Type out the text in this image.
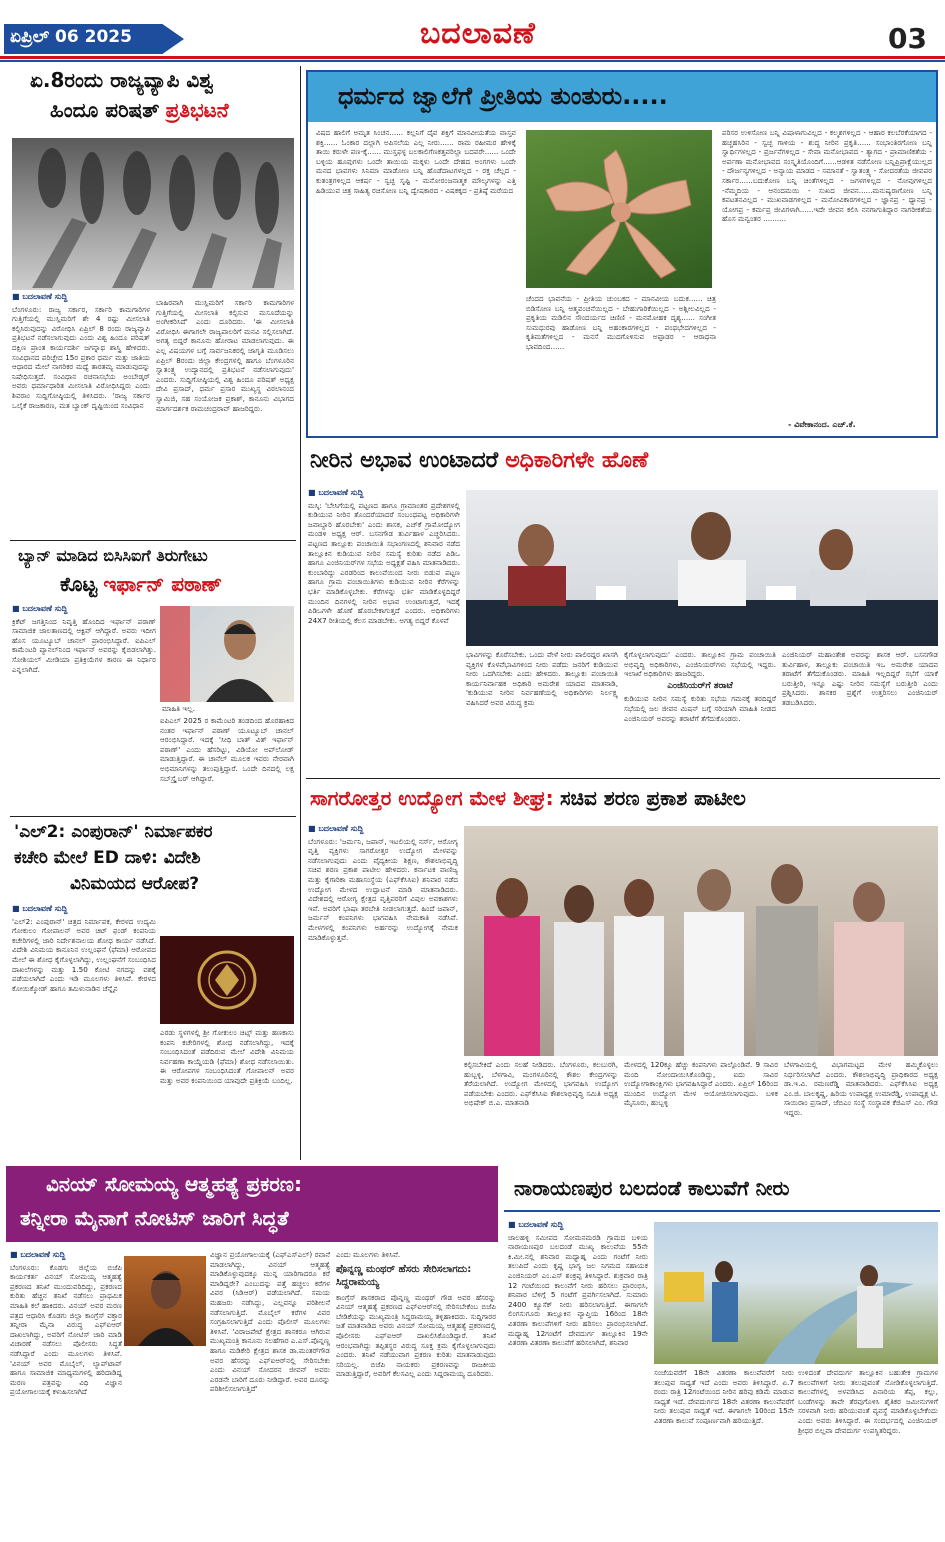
ಏಪ್ರಿಲ್ 06 2025	ಬದಲಾವಣೆ	03
ಏ.8ರಂದು ರಾಜ್ಯವ್ಯಾಪಿ ವಿಶ್ವ
ಹಿಂದೂ ಪರಿಷತ್ ಪ್ರತಿಭಟನೆ
■ ಬದಲಾವಣೆ ಸುದ್ದಿ

ಬೆಂಗಳೂರು: ರಾಜ್ಯ ಸರ್ಕಾರ, ಸರ್ಕಾರಿ ಕಾಮಗಾರಿಗಳ ಗುತ್ತಿಗೆಯಲ್ಲಿ ಮುಸ್ಲಿಮರಿಗೆ ಶೇ 4 ರಷ್ಟು ಮೀಸಲಾತಿ ಕಲ್ಪಿಸಿರುವುದನ್ನು ವಿರೋಧಿಸಿ ಏಪ್ರಿಲ್ 8 ರಂದು ರಾಜ್ಯವ್ಯಾಪಿ ಪ್ರತಿಭಟನೆ ನಡೆಸಲಾಗುವುದು ಎಂದು ವಿಶ್ವ ಹಿಂದೂ ಪರಿಷತ್ ದಕ್ಷಿಣ ಪ್ರಾಂತ ಕಾರ್ಯದರ್ಶಿ ಜಗನ್ನಾಥ ಶಾಸ್ತ್ರಿ ಹೇಳಿದರು. ಸಂವಿಧಾನದ ಪರಿಚ್ಛೇದ 15ರ ಪ್ರಕಾರ ಧರ್ಮ ಮತ್ತು ಜಾತಿಯ ಆಧಾರದ ಮೇಲೆ ನಾಗರಿಕರ ಮಧ್ಯೆ ತಾರತಮ್ಯ ಮಾಡುವುದನ್ನು ನಿಷೇಧಿಸುತ್ತದೆ. ಸಂವಿಧಾನ ರಚನಾಸಭೆಯ ಅಂಬೇಡ್ಕರ್ ಅವರು ಧರ್ಮಾಧಾರಿತ ಮೀಸಲಾತಿ ವಿರೋಧಿಸಿದ್ದರು ಎಂದು ಶಿವರಾಂ ಸುದ್ದಿಗೋಷ್ಠಿಯಲ್ಲಿ ತಿಳಿಸಿದರು. 'ರಾಜ್ಯ ಸರ್ಕಾರ ಒಲೈಕೆ ರಾಜಕಾರಣ, ಮತ ಬ್ಯಾಂಕ್ ದೃಷ್ಟಿಯಿಂದ ಸಂವಿಧಾನ

ಬಾಹಿರವಾಗಿ ಮುಸ್ಲಿಮರಿಗೆ ಸರ್ಕಾರಿ ಕಾಮಗಾರಿಗಳ ಗುತ್ತಿಗೆಯಲ್ಲಿ ಮೀಸಲಾತಿ ಕಲ್ಪಿಸುವ ಮಸೂದೆಯನ್ನು ಅಂಗೀಕರಿಸಿದೆ' ಎಂದು ದೂರಿದರು. 'ಈ ಮೀಸಲಾತಿ ವಿರೋಧಿಸಿ ಈಗಾಗಲೇ ರಾಜ್ಯಪಾಲರಿಗೆ ಮನವಿ ಸಲ್ಲಿಸಲಾಗಿದೆ. ಅಗತ್ಯ ಬಿದ್ದರೆ ಕಾನೂನು ಹೋರಾಟ ಮಾಡಲಾಗುವುದು. ಈ ಎಲ್ಲ ವಿಷಯಗಳ ಬಗ್ಗೆ ಸಾರ್ವಜನಿಕರಲ್ಲಿ ಜಾಗೃತಿ ಮೂಡಿಸಲು ಏಪ್ರಿಲ್ 8ರಂದು ಜಿಲ್ಲಾ ಕೇಂದ್ರಗಳಲ್ಲಿ ಹಾಗೂ ಬೆಂಗಳೂರಿನ ಸ್ವಾತಂತ್ರ್ಯ ಉದ್ಯಾನದಲ್ಲಿ ಪ್ರತಿಭಟನೆ ನಡೆಸಲಾಗುವುದು' ಎಂದರು. ಸುದ್ದಿಗೋಷ್ಠಿಯಲ್ಲಿ ವಿಶ್ವ ಹಿಂದೂ ಪರಿಷತ್ ಅಧ್ಯಕ್ಷ ದೇವಿ ಪ್ರಸಾದ್, ಧರ್ಮ ಪ್ರಸಾರ ಮುಖ್ಯಸ್ಥ ವಿಠಲಾನಂದ ಸ್ವಾಮಿಜಿ, ಸಹ ಸಂಯೋಜಕ ಪ್ರಕಾಶ್, ಕಾನೂನು ವಿಭಾಗದ ಮಾರ್ಗದರ್ಶಕ ರಾಮಚಂದ್ರರಾವ್ ಹಾಜರಿದ್ದರು.

ಬ್ಯಾನ್ ಮಾಡಿದ ಬಿಸಿಸಿಐಗೆ ತಿರುಗೇಟು
ಕೊಟ್ಟ ಇರ್ಫಾನ್ ಪಠಾಣ್
■ ಬದಲಾವಣೆ ಸುದ್ದಿ

ಕ್ರಿಕೆಟ್ ಜಗತ್ತಿನಿಂದ ನಿವೃತ್ತಿ ಹೊಂದಿದ ಇರ್ಫಾನ್ ಪಠಾಣ್ ಸಾಮಾಜಿಕ ಜಾಲತಾಣದಲ್ಲಿ ಆಕ್ಟಿವ್ ಆಗಿದ್ದಾರೆ. ಅವರು ಇದೀಗ ಹೊಸ ಯೂಟ್ಯೂಬ್ ಚಾನಲ್ ಪ್ರಾರಂಭಿಸಿದ್ದಾರೆ. ಐಪಿಎಲ್ ಕಾಮೆಂಟರಿ ಪ್ಯಾನಲ್‌ನಿಂದ ಇರ್ಫಾನ್ ಅವರನ್ನು ಕೈಬಿಡಲಾಗಿತ್ತು. ಸೋಶಿಯಲ್ ಮೀಡಿಯಾ ಪ್ರತಿಕ್ರಿಯೆಗಳ ಕಾರಣ ಈ ನಿರ್ಧಾರ ಎನ್ನಲಾಗಿದೆ.

ಮಾಹಿತಿ ಇಲ್ಲ.

ಐಪಿಎಲ್ 2025 ರ ಕಾಮೆಂಟರಿ ತಂಡದಿಂದ ಹೊರಹಾಕಿದ ನಂತರ ಇರ್ಫಾನ್ ಪಠಾಣ್ ಯೂಟ್ಯೂಬ್ ಚಾನಲ್ ಆರಂಭಿಸಿದ್ದಾರೆ. ಇದಕ್ಕೆ 'ಸೀಧಿ ಬಾತ್ ವಿತ್ ಇರ್ಫಾನ್ ಪಠಾಣ್' ಎಂದು ಹೆಸರಿಟ್ಟು, ವಿಡಿಯೋ ಅಪ್‌ಲೋಡ್ ಮಾಡುತ್ತಿದ್ದಾರೆ. ಈ ಚಾನೆಲ್ ಮೂಲಕ ಇವರು ನೇರವಾಗಿ ಅಭಿಮಾನಿಗಳನ್ನು ತಲುಪುತ್ತಿದ್ದಾರೆ. ಒಂದೇ ದಿನದಲ್ಲಿ ಲಕ್ಷ ಸಬ್‌ಸ್ಕ್ರೈಬರ್ ಆಗಿದ್ದಾರೆ.

'ಎಲ್2: ಎಂಪುರಾನ್' ನಿರ್ಮಾಪಕರ
ಕಚೇರಿ ಮೇಲೆ ED ದಾಳಿ: ವಿದೇಶಿ
ವಿನಿಮಯದ ಆರೋಪ?
■ ಬದಲಾವಣೆ ಸುದ್ದಿ

'ಎಲ್2: ಎಂಪುರಾನ್' ಚಿತ್ರದ ನಿರ್ಮಾಪಕ, ಕೇರಳದ ಉದ್ಯಮಿ ಗೋಕುಲಂ ಗೋಪಾಲನ್ ಅವರ ಚಿಟ್ ಫಂಡ್ ಕಂಪನಿಯ ಕಚೇರಿಗಳಲ್ಲಿ ಜಾರಿ ನಿರ್ದೇಶನಾಲಯ ಶೋಧ ಕಾರ್ಯ ನಡೆಸಿದೆ. ವಿದೇಶಿ ವಿನಿಮಯ ಕಾನೂನಿನ ಉಲ್ಲಂಘನೆ (ಫೆಮಾ) ಆರೋಪದ ಮೇಲೆ ಈ ಶೋಧ ಕೈಗೊಳ್ಳಲಾಗಿದ್ದು, ಉಲ್ಲಂಘನೆಗೆ ಸಂಬಂಧಿಸಿದ ದಾಖಲೆಗಳನ್ನು ಮತ್ತು 1.50 ಕೋಟಿ ನಗದನ್ನು ವಶಕ್ಕೆ ಪಡೆಯಲಾಗಿದೆ ಎಂದು ಇಡಿ ಮೂಲಗಳು ತಿಳಿಸಿವೆ. ಕೇರಳದ ಕೋಯಿಕ್ಕೋಡ್ ಹಾಗೂ ತಮಿಳುನಾಡಿನ ಚೆನ್ನೈನ

ಎರಡು ಸ್ಥಳಗಳಲ್ಲಿ ಶ್ರೀ ಗೋಕುಲಂ ಚಿಟ್ಸ್ ಮತ್ತು ಹಣಕಾಸು ಕಂಪನಿ ಕಚೇರಿಗಳಲ್ಲಿ ಶೋಧ ನಡೆಸಲಾಗಿದ್ದು, ಇದಕ್ಕೆ ಸಂಬಂಧಿಸಿದಂತೆ ಪಡೆದಿರುವ ಮೇಲೆ ವಿದೇಶಿ ವಿನಿಮಯ ನಿರ್ವಹಣಾ ಕಾಯ್ದೆಯಡಿ (ಫೆಮಾ) ಶೋಧ ನಡೆಸಲಾಯಿತು. ಈ ಆರೋಪಗಳ ಸಂಬಂಧಿಸಿದಂತೆ ಗೋಪಾಲನ್ ಅವರ ಮತ್ತು ಅವರ ಕಂಪನಿಯಿಂದ ಯಾವುದೇ ಪ್ರತಿಕ್ರಿಯೆ ಬಂದಿಲ್ಲ.

ಧರ್ಮದ ಜ್ವಾಲೆಗೆ ಪ್ರೀತಿಯ ತುಂತುರು.....

ವಿಷದ ಹಾಲಿಗೆ ಅಮೃತ ಸಿಂಚನ...... ಕಲ್ಲನಿಗೆ ದೈವ ಶಕ್ತಿಗೆ ಮಾನವೀಯತೆಯ ವಾಸ್ತವ ಶಕ್ತಿ...... ಓಂಕಾರ ದಲ್ಲಾಗಿ ಅಪಿಸಲೆಯ ಎಲ್ಲ ನೀರು...... ರಾಮ ರಹೀಮರ ಹೇಳಿಕ್ಕೆ ತಾಯಿ ಕರುಳೇ ಪಣ-ಕ್ಕೆ...... ಮುಸ್ತಫಳ್ಳ ಬಲಕಾಲಿಗೆಣಕತ್ತವರಿಲ್ಲಾ ಬದವರೇ...... ಒಂದೇ ಬಳ್ಳಿಯ ಹೂವುಗಳು ಒಂದೇ ತಾಯಿಯ ಮಕ್ಕಳು ಒಂದೇ ದೇಹದ ಅಂಗಗಳು ಒಂದೇ ಮನದ ಭಾವಗಳು ಸಿನಿಮಾ ಮಾಡೋಣ ಬನ್ನಿ ಹೊಡೆದಾಟಗಳಲ್ಲದ - ರಕ್ತ ಚೆಲ್ಲದ - ಕುತಂತ್ರಗಳಿಲ್ಲದ ಆಕರ್ಷ - ಸ್ವಚ್ಛ ಸೃಷ್ಟಿ - ಮನೋರಂಜನಾತ್ಮಕ ಮೌಲ್ಯಗಳನ್ನು ಎತ್ತಿ ಹಿಡಿಯುವ ಚಿತ್ರ ಸಾಹಿತ್ಯ ರಚಿಸೋಣ ಬನ್ನಿ ದ್ವೇಷಕಾರದ - ವಿಷಕಕ್ಕದ - ಪ್ರತಿಷ್ಠೆ ಮರೆಯದ

ಚೆಂದದ ಭಾವನೆಯ - ಪ್ರೀತಿಯ ಚುಂಬಕದ - ಮಾನವೀಯ ಬದುಕ...... ಚಿತ್ರ ಬಿಡಿಸೋಣ ಬನ್ನಿ ಆತ್ಮವಂಚನೆಯಿಲ್ಲದ - ಬೇಹುಗಾರಿಕೆಯಿಲ್ಲದ - ಅಶ್ಲೀಲವಿಲ್ಲದ - ಪ್ರಕೃತಿಯ ಮಡಿಲಿನ ಸೌಂದರ್ಯದ ಚಿಣಿಣಿ - ಮನಮೋಹಕ ದೃಶ್ಯ...... ಸಂಗೀತ ಸುಮಧುರವು ಹಾಡೋಣ ಬನ್ನಿ ಅಹಂಕಾರಗಳಿಲ್ಲದ - ಪಂಥಭೇದಗಳಿಲ್ಲದ - ಕೃತಿಮತೆಗಳಿಲ್ಲದ - ಮನಸೆ ಮುದಗೊಳಿಸುವ ಅಪ್ಪಾಡರ - ಆರಾಧನಾ ಭಾವದಿಂದ......

ಪರಿಸರ ಉಳಿಸೋಣ ಬನ್ನಿ ವಿಷಾಳಾಗುವಿಲ್ಲದ - ಕಲ್ಮಶಗಳಿಲ್ಲದ - ಆಹಾರ ಕಲಬೆರಕೆಯಾಗದ - ಹಚ್ಚಹಸಿರಿನ - ಸ್ವಚ್ಛ ಗಾಳಿಯ - ಶುದ್ಧ ನೀರಿನ ಪ್ರಕೃತಿ...... ಸಂಭಾಂತಿರಗೋಣ ಬನ್ನಿ ಸ್ವಾರ್ಥಿಗಳಲ್ಲದ - ಪ್ರರ್ಜನೆಗಳಿಲ್ಲದ - ಸೇವಾ ಮನೋಭಾವದ - ತ್ಯಾಗದ - ಪ್ರಾಮಾಣಿಕತೆಯ - ಅರ್ಪಣಾ ಮನೋಭಾವದ ಸಂಸ್ಕೃತಿಯೊಂದಿಗೆ......ಆಡಳಿತ ನಡೆಸೋಣ ಬನ್ನಿಪ್ರಿಪ್ರಾಕ್ಷೆಯುಲ್ಲದ - ದೌರ್ಜನ್ಯಗಳಿಲ್ಲದ - ಅನ್ಯಾಯ ಮಾಡದ - ಸಮಾನತೆ - ಸ್ವಾತಂತ್ರ್ಯ - ಸೋದರತೆಯ ಜೀವಪರ ಸರ್ಕಾರ......ಬದುಕೋಣ ಬನ್ನಿ ಚಿಂತೆಗಳಿಲ್ಲದ - ಜಗಳಗಳಿಲ್ಲದ - ನೋವುಗಳಿಲ್ಲದ -ನೆಮ್ಮದಿಯ - ಆನಂದಮಯಿ - ಸುಖದ ಜೀವನ......ಮನುಷ್ಯರಾಗೋಣ ಬನ್ನಿ ಕಪಟತನವಿಲ್ಲದ - ಮುಖವಾಡಗಳಿಲ್ಲದ - ಮನೋವಿಕಾರಗಳಿಲ್ಲದ - ಜ್ಞಾನಪ್ರ - ಧ್ಯಾನಪ್ರ - ಯೋಗಪ್ರ - ಕರ್ಮಪ್ರ ಜೀವಿಗಳಾಗಿ......ಇದೇ ಜೀವನ ಕಲಿಸಿ ನನಗಾಗುತಿದ್ದಾರ ನಾಗರೀಕತೆಯ ಹೊಸ ಮನ್ವಂತರ ..........

- ವಿವೇಕಾನಂದ. ಎಚ್.ಕೆ.
ನೀರಿನ ಅಭಾವ ಉಂಟಾದರೆ ಅಧಿಕಾರಿಗಳೇ ಹೊಣೆ
■ ಬದಲಾವಣೆ ಸುದ್ದಿ

ಮಸ್ಕಿ: 'ಬೇಸಿಗೆಯಲ್ಲಿ ಪಟ್ಟಣದ ಹಾಗೂ ಗ್ರಾಮಾಂತರ ಪ್ರದೇಶಗಳಲ್ಲಿ ಕುಡಿಯುವ ನೀರಿನ ತೊಂದರೆಯಾದರೆ ಸಂಬಂಧಪಟ್ಟ ಅಧಿಕಾರಿಗಳೇ ಜವಾಬ್ದಾರಿ ಹೊರಬೇಕು' ಎಂದು ಶಾಸಕ, ಎಚ್‌ಕೆ ಗ್ರಾಮೋದ್ಯೋಗ ಮಂಡಳಿ ಅಧ್ಯಕ್ಷ ಆರ್. ಬಸನಗೌಡ ತುರ್ವಿಹಾಳ ಎಚ್ಚರಿಸಿದರು. ಪಟ್ಟಣದ ತಾಲ್ಲೂಕು ಪಂಚಾಯಿತಿ ಸಭಾಂಗಣದಲ್ಲಿ ಶನಿವಾರ ನಡೆದ ತಾಲ್ಲೂಕಿನ ಕುಡಿಯುವ ನೀರಿನ ಸಮಸ್ಯೆ ಕುರಿತು ನಡೆದ ಪಿಡಿಒ ಹಾಗೂ ಎಂಜಿನಿಯರ್‌ಗಳ ಸಭೆಯ ಅಧ್ಯಕ್ಷತೆ ವಹಿಸಿ ಮಾತನಾಡಿದರು. ಕುಂಬಾರಿದ್ದು ಎರಡರಿಂದ ಕಾಲುವೆಯಿಂದ ನೀರು ಬಿಡುವ ಪಟ್ಟಣ ಹಾಗೂ ಗ್ರಾಮ ಪಂಚಾಯಿತಿಗಳು ಕುಡಿಯುವ ನೀರಿನ ಕೆರೆಗಳನ್ನು ಭರ್ತಿ ಮಾಡಿಕೊಳ್ಳಬೇಕು. ಕೆರೆಗಳನ್ನು ಭರ್ತಿ ಮಾಡಿಕೊಳ್ಳದಿದ್ದರೆ ಮುಂದಿನ ದಿನಗಳಲ್ಲಿ ನೀರಿನ ಅಭಾವ ಉಂಟಾಗುತ್ತದೆ, ಇದಕ್ಕೆ ಪಿಡಿಒಗಳೇ ಹೊಣೆ ಹೊರಬೇಕಾಗುತ್ತದೆ ಎಂದರು. ಅಧಿಕಾರಿಗಳು 24X7 ರೀತಿಯಲ್ಲಿ ಕೆಲಸ ಮಾಡಬೇಕು. ಅಗತ್ಯ ಬಿದ್ದರೆ ಕೊಳವೆ

ಭಾವಿಗಳನ್ನು ಕೊರೆಸಬೇಕು. ಒಂದು ವೇಳೆ ನೀರು ಪಾಲಿರದ್ದರ ಖಾಸಗಿ ವ್ಯಕ್ತಿಗಳ ಕೊಳವೆಭಾವಿಗಳಿಂದ ನೀರು ಪಡೆದು ಜನರಿಗೆ ಕುಡಿಯುವ ನೀರು ಒದಗಿಸಬೇಕು ಎಂದು ಹೇಳಿದರು. ತಾಲ್ಲೂಕು ಪಂಚಾಯಿತಿ ಕಾರ್ಯನಿರ್ವಾಹಕ ಅಧಿಕಾರಿ ಅಮರೇಶ ಯಾದವ ಮಾತನಾಡಿ, 'ಕುಡಿಯುವ ನೀರಿನ ನಿರ್ವಹಣೆಯಲ್ಲಿ ಅಧಿಕಾರಿಗಳು ನಿರ್ಲಕ್ಷ್ಯ ವಹಿಸಿದರೆ ಅವರ ವಿರುದ್ಧ ಕ್ರಮ

ಕೈಗೊಳ್ಳಲಾಗುವುದು' ಎಂದರು. ತಾಲ್ಲೂಕಿನ ಗ್ರಾಮ ಪಂಚಾಯಿತಿ ಅಭಿವೃದ್ಧಿ ಅಧಿಕಾರಿಗಳು, ಎಂಜಿನಿಯರ್‌ಗಳು ಸಭೆಯಲ್ಲಿ ಇದ್ದರು. ಇಲಾಖೆ ಅಧಿಕಾರಿಗಳು ಹಾಜರಿದ್ದರು.

ಎಂಜಿನಿಯರ್‌ಗೆ ತರಾಟೆ

ಕುಡಿಯುವ ನೀರಿನ ಸಮಸ್ಯೆ ಕುರಿತು ಸಭೆಯ ಗಮನಕ್ಕೆ ತರದಿದ್ದರೆ ಸಭೆಯಲ್ಲಿ ಜಲ ಜೀವನ ಮಿಷನ್ ಬಗ್ಗೆ ಸರಿಯಾಗಿ ಮಾಹಿತಿ ನೀಡದ ಎಂಜಿನಿಯರ್ ಅವರನ್ನು ತರಾಟೆಗೆ ತೆಗೆದುಕೊಂಡರು.

ಎಂಜಿನಿಯರ್ ಮಹಾಂತೇಶ ಅವರನ್ನು ಶಾಸಕ ಆರ್. ಬಸನಗೌಡ ತುರ್ವಿಹಾಳ, ತಾಲ್ಲೂಕು ಪಂಚಾಯಿತಿ ಇಒ ಅಮರೇಶ ಯಾದವ ತರಾಟೆಗೆ ತೆಗೆದುಕೊಂಡರು. ಮಾಹಿತಿ ಇಲ್ಲದಿದ್ದರೆ ಸಭೆಗೆ ಯಾಕೆ ಬರುತ್ತೀರಿ, ಇನ್ನೂ ಎಷ್ಟು ನೀರಿನ ಸಮಸ್ಯೆಗೆ ಬರುತ್ತೀರಿ ಎಂದು ಪ್ರಶ್ನಿಸಿದರು. ಶಾಸಕರ ಪ್ರಶ್ನೆಗೆ ಉತ್ತರಿಸಲು ಎಂಜಿನಿಯರ್ ತಡಬಡಿಸಿದರು.

ಸಾಗರೋತ್ತರ ಉದ್ಯೋಗ ಮೇಳ ಶೀಘ್ರ: ಸಚಿವ ಶರಣ ಪ್ರಕಾಶ ಪಾಟೀಲ
■ ಬದಲಾವಣೆ ಸುದ್ದಿ

ಬೆಂಗಳೂರು: 'ಜರ್ಮನಿ, ಜಪಾನ್, ಇಟಲಿಯಲ್ಲಿ ನರ್ಸ್, ಆರೋಗ್ಯ ವೃತ್ತಿ ವ್ಯಕ್ತಿಗಳು ಸಾಗರೋತ್ತರ ಉದ್ಯೋಗ ಮೇಳವನ್ನು ನಡೆಸಲಾಗುವುದು ಎಂದು ವೈದ್ಯಕೀಯ ಶಿಕ್ಷಣ, ಕೌಶಲಾಭಿವೃದ್ಧಿ ಸಚಿವ ಶರಣ ಪ್ರಕಾಶ ಪಾಟೀಲ ಹೇಳಿದರು. ಕರ್ನಾಟಕ ವಾಣಿಜ್ಯ ಮತ್ತು ಕೈಗಾರಿಕಾ ಮಹಾಸಂಸ್ಥೆಯ (ಎಫ್‌ಕೆಸಿಸಿಐ) ಶನಿವಾರ ನಡೆದ ಉದ್ಯೋಗ ಮೇಳದ ಉದ್ಘಾಟನೆ ಮಾಡಿ ಮಾತನಾಡಿದರು. ವಿದೇಶದಲ್ಲಿ ಆರೋಗ್ಯ ಕ್ಷೇತ್ರದ ವೃತ್ತಿಪರರಿಗೆ ವಿಪುಲ ಅವಕಾಶಗಳು ಇವೆ. ಅವರಿಗೆ ಭಾಷಾ ತರಬೇತಿ ನೀಡಲಾಗುತ್ತದೆ. ಹಿಂದೆ ಜಪಾನ್, ಜರ್ಮನ್ ಕಂಪನಿಗಳು ಭಾಗವಹಿಸಿ ನೇಮಕಾತಿ ನಡೆಸಿವೆ. ಮೇಳಗಳಲ್ಲಿ ಕಂಪನಿಗಳು ಅರ್ಹರನ್ನು ಉದ್ಯೋಗಕ್ಕೆ ನೇಮಕ ಮಾಡಿಕೊಳ್ಳುತ್ತವೆ.

ಕಲ್ಪಿಸಬೇಕಿದೆ ಎಂದು ಸಲಹೆ ನೀಡಿದರು. ಬೆಂಗಳೂರು, ಕಲಬುರಗಿ, ಹುಬ್ಬಳ್ಳಿ, ಬೆಳಗಾವಿ, ಮಂಗಳೂರಿನಲ್ಲಿ ಕೌಶಲ ಕೇಂದ್ರಗಳನ್ನು ತೆರೆಯಲಾಗಿದೆ. ಉದ್ಯೋಗ ಮೇಳದಲ್ಲಿ ಭಾಗವಹಿಸಿ ಉದ್ಯೋಗ ಪಡೆಯಬೇಕು ಎಂದರು. ಎಫ್‌ಕೆಸಿಸಿಐ ಕೌಶಲಾಭಿವೃದ್ಧಿ ಸಮಿತಿ ಅಧ್ಯಕ್ಷ ಅಭಿಷೇಕ್ ಬಿ.ಎ. ಮಾತನಾಡಿ

ಮೇಳದಲ್ಲಿ 120ಕ್ಕೂ ಹೆಚ್ಚು ಕಂಪನಿಗಳು ಪಾಲ್ಗೊಂಡಿವೆ. 9 ಸಾವಿರ ಮಂದಿ ನೋಂದಾಯಿಸಿಕೊಂಡಿದ್ದು, ಐದು ಸಾವಿರ ಉದ್ಯೋಗಾಕಾಂಕ್ಷಿಗಳು ಭಾಗವಹಿಸಿದ್ದಾರೆ ಎಂದರು. ಏಪ್ರಿಲ್ 16ರಿಂದ ಮುಂದಿನ ಉದ್ಯೋಗ ಮೇಳ ಆಯೋಜಿಸಲಾಗುವುದು. ಬಳಿಕ ಮೈಸೂರು, ಹುಬ್ಬಳ್ಳಿ

ಬೆಳಗಾವಿಯಲ್ಲಿ ವಿಭಾಗಮಟ್ಟದ ಮೇಳ ಹಮ್ಮಿಕೊಳ್ಳಲು ನಿರ್ಧರಿಸಲಾಗಿದೆ ಎಂದರು. ಕೌಶಲಾಭಿವೃದ್ಧಿ ಪ್ರಾಧಿಕಾರದ ಅಧ್ಯಕ್ಷ ಡಾ.ಇ.ವಿ. ರಮಣರೆಡ್ಡಿ ಮಾತನಾಡಿದರು. ಎಫ್‌ಕೆಸಿಸಿಐ ಅಧ್ಯಕ್ಷ ಎಂ.ಜಿ. ಬಾಲಕೃಷ್ಣ, ಹಿರಿಯ ಉಪಾಧ್ಯಕ್ಷ ಉಮಾರೆಡ್ಡಿ, ಉಪಾಧ್ಯಕ್ಷ ಟಿ. ಸಾಯಿರಾಂ ಪ್ರಸಾದ್, ಜೆಬಿಎಂ ಸಂಸ್ಥೆ ಸಂಸ್ಥಾಪಕ ಕೆಜಿಎಸ್ ಎಂ. ಗೌಡ ಇದ್ದರು.

ವಿನಯ್ ಸೋಮಯ್ಯ ಆತ್ಮಹತ್ಯೆ ಪ್ರಕರಣ:
ತನ್ನೀರಾ ಮೈನಾಗೆ ನೋಟಿಸ್ ಜಾರಿಗೆ ಸಿದ್ಧತೆ
■ ಬದಲಾವಣೆ ಸುದ್ದಿ

ಬೆಂಗಳೂರು: ಕೊಡಗು ಜಿಲ್ಲೆಯ ಬಿಜೆಪಿ ಕಾರ್ಯಕರ್ತ ವಿನಯ್ ಸೋಮಯ್ಯ ಆತ್ಮಹತ್ಯೆ ಪ್ರಕರಣದ ತನಿಖೆ ಮುಂದುವರಿದಿದ್ದು, ಪ್ರಕರಣದ ಕುರಿತು ಹೆಚ್ಚಿನ ತನಿಖೆ ನಡೆಸಲು ಪ್ರಾಥಮಿಕ ಮಾಹಿತಿ ಕಲೆ ಹಾಕಿದರು. ವಿನಯ್ ಅವರ ಮರಣ ಪತ್ರದ ಆಧಾರಿಸಿ ಕೊಡಗು ಜಿಲ್ಲಾ ಕಾಂಗ್ರೆಸ್ ವಕ್ತಾರ ತನ್ನೀರಾ ಮೈನಾ ವಿರುದ್ಧ ಎಫ್‌ಐಆರ್ ದಾಖಲಾಗಿದ್ದು, ಅವರಿಗೆ ನೋಟಿಸ್ ಜಾರಿ ಮಾಡಿ ವಿಚಾರಣೆ ನಡೆಸಲು ಪೊಲೀಸರು ಸಿದ್ಧತೆ ನಡೆಸಿದ್ದಾರೆ ಎಂದು ಮೂಲಗಳು ತಿಳಿಸಿವೆ. 'ವಿನಯ್ ಅವರ ಮೊಬೈಲ್, ಲ್ಯಾಪ್‌ಟಾಪ್ ಹಾಗೂ ಸಾಮಾಜಿಕ ಮಾಧ್ಯಮಗಳಲ್ಲಿ ಹರಿದಾಡಿದ್ದ ಮರಣ ಪತ್ರವನ್ನು ವಿಧಿ ವಿಜ್ಞಾನ ಪ್ರಯೋಗಾಲಯಕ್ಕೆ ಕಳುಹಿಸಲಾಗಿದೆ

ವಿಜ್ಞಾನ ಪ್ರಯೋಗಾಲಯಕ್ಕೆ (ಎಫ್‌ಎಸ್‌ಎಲ್) ರವಾನೆ ಮಾಡಲಾಗಿದ್ದು, ವಿನಯ್ ಆತ್ಮಹತ್ಯೆ ಮಾಡಿಕೊಳ್ಳುವುದಕ್ಕೂ ಮುನ್ನ ಯಾರಿಗಾದರೂ ಕರೆ ಮಾಡಿದ್ದರೇ? ಎಂಬುದನ್ನು ಪತ್ತೆ ಹಚ್ಚಲು ಕರೆಗಳ ವಿವರ (ಸಿಡಿಆರ್) ಪಡೆಯಲಾಗಿದೆ. ಸಮಯ ಮಹಜರು ನಡೆಸಿದ್ದು, ಎಲ್ಲವನ್ನೂ ಪರಿಶೀಲನೆ ನಡೆಸಲಾಗುತ್ತಿದೆ. ಮೊಬೈಲ್ ಕರೆಗಳ ವಿವರ ಸಂಗ್ರಹಿಸಲಾಗುತ್ತಿದೆ ಎಂದು ಪೊಲೀಸ್ ಮೂಲಗಳು ತಿಳಿಸಿವೆ. 'ವಿರಾಜಪೇಟೆ ಕ್ಷೇತ್ರದ ಶಾಸಕರೂ ಆಗಿರುವ ಮುಖ್ಯಮಂತ್ರಿ ಕಾನೂನು ಸಲಹೆಗಾರ ಎ.ಎಸ್.ಪೊನ್ನಣ್ಣ ಹಾಗೂ ಮಡಿಕೇರಿ ಕ್ಷೇತ್ರದ ಶಾಸಕ ಡಾ.ಮಂತರ್‌ಗೌಡ ಅವರ ಹೆಸರನ್ನು ಎಫ್‌ಐಆರ್‌ನಲ್ಲಿ ಸೇರಿಸಬೇಕು ಎಂದು ವಿನಯ್ ಸೋದರನ ಜೀವನ್ ಅವರು ಎರಡನೇ ಬಾರಿಗೆ ದೂರು ನೀಡಿದ್ದಾರೆ. ಅವರ ದೂರನ್ನು ಪರಿಶೀಲಿಸಲಾಗುತ್ತಿದೆ'

ಎಂದು ಮೂಲಗಳು ತಿಳಿಸಿವೆ.

ಪೊನ್ನಣ್ಣ ಮಂಥರ್ ಹೆಸರು ಸೇರಿಸಲಾಗದು: ಸಿದ್ದರಾಮಯ್ಯ

ಕಾಂಗ್ರೆಸ್ ಶಾಸಕರಾದ ಪೊನ್ನಣ್ಣ ಮಂಥರ್ ಗೌಡ ಅವರ ಹೆಸರನ್ನು ವಿನಯ್ ಆತ್ಮಹತ್ಯೆ ಪ್ರಕರಣದ ಎಫ್‌ಐಆರ್‌ನಲ್ಲಿ ಸೇರಿಸಬೇಕೆಂಬ ಬಿಜೆಪಿ ಬೇಡಿಕೆಯನ್ನು ಮುಖ್ಯಮಂತ್ರಿ ಸಿದ್ದರಾಮಯ್ಯ ತಳ್ಳಿಹಾಕಿದರು. ಸುದ್ದಿಗಾರರ ಜತೆ ಮಾತನಾಡಿದ ಅವರು ವಿನಯ್ ಸೋಮಯ್ಯ ಆತ್ಮಹತ್ಯೆ ಪ್ರಕರಣದಲ್ಲಿ ಪೊಲೀಸರು ಎಫ್‌ಐಆರ್ ದಾಖಲಿಸಿಕೊಂಡಿದ್ದಾರೆ. ತನಿಖೆ ಆರಂಭವಾಗಿದ್ದು ತಪ್ಪಿತಸ್ಥರ ವಿರುದ್ಧ ಸೂಕ್ತ ಕ್ರಮ ಕೈಗೊಳ್ಳಲಾಗುವುದು ಎಂದರು. ತನಿಖೆ ನಡೆಯುವಾಗ ಪ್ರಕರಣ ಕುರಿತು ಮಾತನಾಡುವುದು ಸರಿಯಲ್ಲ. ಬಿಜೆಪಿ ನಾಯಕರು ಪ್ರಕರಣವನ್ನು ರಾಜಕೀಯ ಮಾಡುತ್ತಿದ್ದಾರೆ, ಅವರಿಗೆ ಕೆಲಸವಿಲ್ಲ ಎಂದು ಸಿದ್ದರಾಮಯ್ಯ ದೂರಿದರು.

ನಾರಾಯಣಪುರ ಬಲದಂಡೆ ಕಾಲುವೆಗೆ ನೀರು
■ ಬದಲಾವಣೆ ಸುದ್ದಿ

ಜಾಲಹಳ್ಳಿ ಸಮೀಪದ ಸೋಮನಮರಡಿ ಗ್ರಾಮದ ಬಳಿಯ ನಾರಾಯಣಪುರ ಬಲದಂಡೆ ಮುಖ್ಯ ಕಾಲುವೆಯ 55ನೇ ಕಿ.ಮೀ.ನಲ್ಲಿ ಶನಿವಾರ ಮಧ್ಯಾಹ್ನ ಎಂದು ಗಂಟೆಗೆ ನೀರು ತಲುಪಿದೆ ಎಂದು ಕೃಷ್ಣ ಭಾಗ್ಯ ಜಲ ನಿಗಮದ ಸಹಾಯಕ ಎಂಜಿನಿಯರ್ ಎಂ.ಎಸ್ ಶಂಕ್ರಪ್ಪ ತಿಳಿಸಿದ್ದಾರೆ. ಶುಕ್ರವಾರ ರಾತ್ರಿ 12 ಗಂಟೆಯಿಂದ ಕಾಲುವೆಗೆ ನೀರು ಹರಿಸಲು ಪ್ರಾರಂಭಿಸಿ, ಶನಿವಾರ ಬೆಳಿಗ್ಗೆ 5 ಗಂಟೆಗೆ ಪ್ರವರ್ಗಿಸಲಾಗಿದೆ. ಸುಮಾರು 2400 ಕ್ಯೂಸೆಕ್ ನೀರು ಹರಿಸಲಾಗುತ್ತಿದೆ. ಈಗಾಗಲೇ ಲಿಂಗಸುಗೂರು ತಾಲ್ಲೂಕಿನ ವ್ಯಾಪ್ತಿಯ 16ರಿಂದ 18ನೇ ವಿತರಣಾ ಕಾಲುವೆಗಳಿಗೆ ನೀರು ಹರಿಸಲು ಪ್ರಾರಂಭಿಸಲಾಗಿದೆ. ಮಧ್ಯಾಹ್ನ 12ಗಂಟೆಗೆ ದೇವದುರ್ಗ ತಾಲ್ಲೂಕಿನ 19ನೇ ವಿತರಣಾ ವಿತರಣಾ ಕಾಲುವೆಗೆ ಹರಿಸಲಾಗಿದೆ, ಶನಿವಾರ

ಸಂಜೆಯವರೆಗೆ 18ನೇ ವಿತರಣಾ ಕಾಲುವೆವರೆಗೆ ನೀರು ತಲುಪುವ ಸಾಧ್ಯತೆ ಇದೆ ಎಂದು ಅವರು ತಿಳಿಸಿದ್ದಾರೆ. ಏ.7 ರಂದು ರಾತ್ರಿ 12ಗಂಟೆಯಿಂದ ನೀರಿನ ಹರಿವು ಕಡಿಮೆ ಮಾಡುವ ಸಾಧ್ಯತೆ ಇದೆ. ದೇವದುರ್ಗದ 18ನೇ ವಿತರಣಾ ಕಾಲುವೆವರೆಗೆ ನೀರು ತಲುಪುವ ಸಾಧ್ಯತೆ ಇದೆ. ಈಗಾಗಲೇ 10ರಿಂದ 15ನೇ ವಿತರಣಾ ಕಾಲುವೆ ಸಂಪೂರ್ಣವಾಗಿ ಹರಿಯುತ್ತಿದೆ.

ಉಳಿದಂತೆ ದೇವದುರ್ಗ ತಾಲ್ಲೂಕಿನ ಬಹುತೇಕ ಗ್ರಾಮಗಳ ಕಾಲುವೆಗಳಿಗೆ ನೀರು ತಲುಪುವಂತೆ ನೋಡಿಕೊಳ್ಳಲಾಗುತ್ತಿದೆ. ಕಾಲುವೆಗಳಲ್ಲಿ ಅಳವಡಿಸಿದ ಪಿನಾರಿಯ ತೆಪ್ಪ, ಕಲ್ಲು, ಬಂಡೆಗಳನ್ನು ತಾವೇ ತೆರವುಗೊಳಿಸಿ ಶೈತಿಕರ ಜಮೀನುಗಳಿಗೆ ಸರಳವಾಗಿ ನೀರು ಹರಿಯುವಂತೆ ವ್ಯವಸ್ಥೆ ಮಾಡಿಕೊಳ್ಳಬೇಕೆಂದು ಎಂದು ಅವರು ತಿಳಿಸಿದ್ದಾರೆ. ಈ ಸಂದರ್ಭದಲ್ಲಿ ಎಂಜಿನಿಯರ್ ಶ್ರೀಧರ ಬಿಲ್ಲವಾ ದೇವದುರ್ಗ ಉಪಸ್ಥಿತರಿದ್ದರು.
